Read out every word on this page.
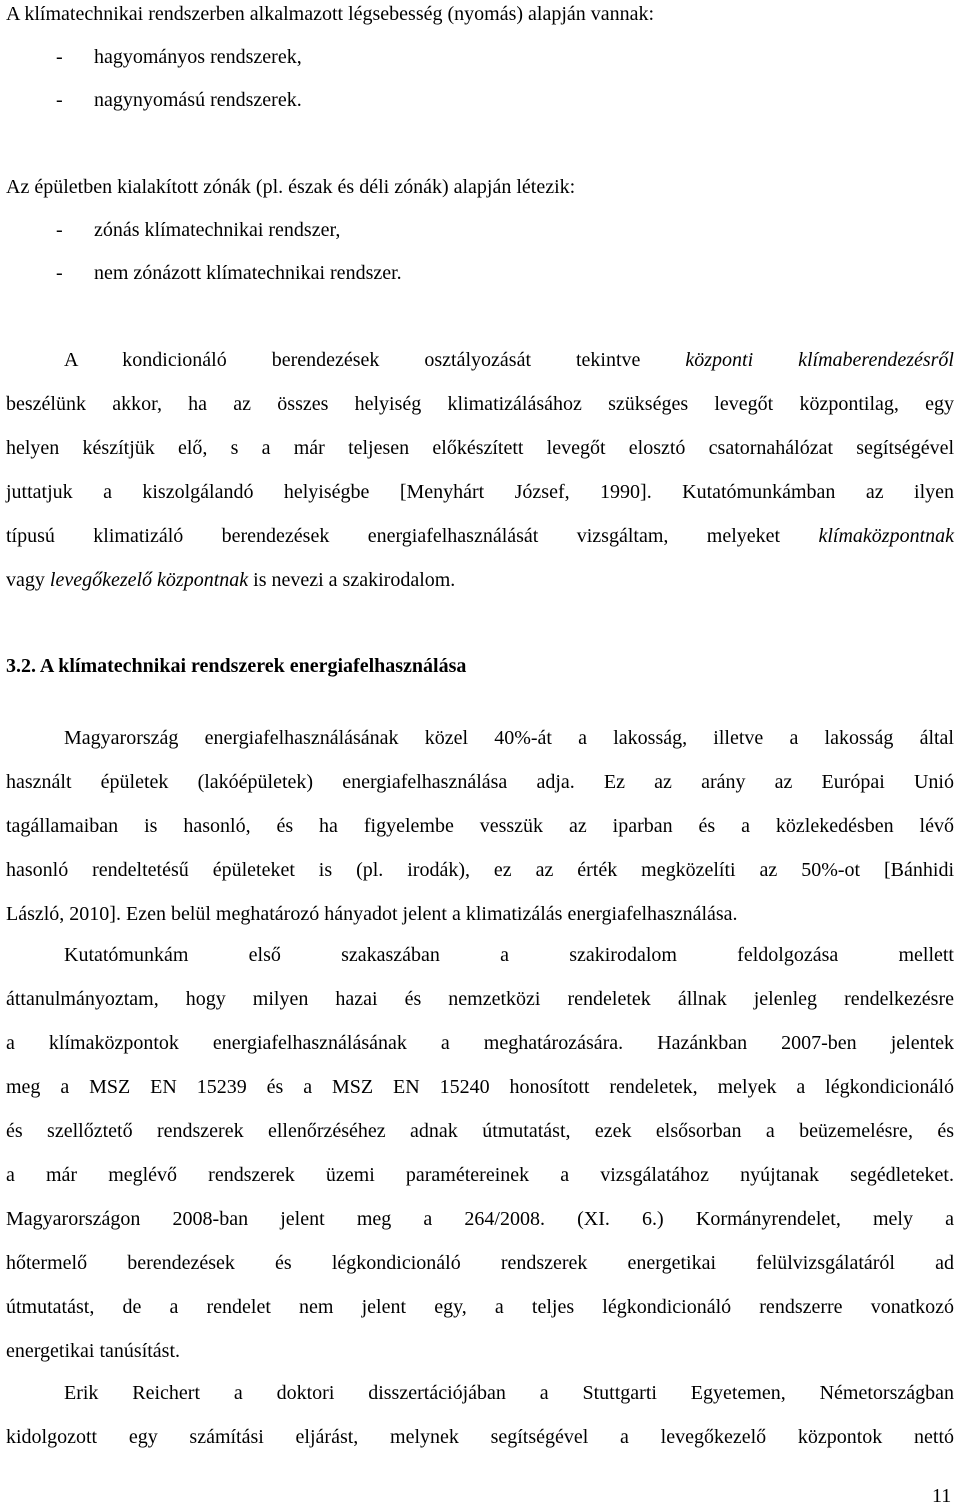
A klímatechnikai rendszerben alkalmazott légsebesség (nyomás) alapján vannak:
- hagyományos rendszerek,
- nagynyomású rendszerek.
Az épületben kialakított zónák (pl. észak és déli zónák) alapján létezik:
- zónás klímatechnikai rendszer,
- nem zónázott klímatechnikai rendszer.
A kondicionáló berendezések osztályozását tekintve központi klímaberendezésről
beszélünk akkor, ha az összes helyiség klimatizálásához szükséges levegőt központilag, egy
helyen készítjük elő, s a már teljesen előkészített levegőt elosztó csatornahálózat segítségével
juttatjuk a kiszolgálandó helyiségbe [Menyhárt József, 1990]. Kutatómunkámban az ilyen
típusú klimatizáló berendezések energiafelhasználását vizsgáltam, melyeket klímaközpontnak
vagy levegőkezelő központnak is nevezi a szakirodalom.
3.2. A klímatechnikai rendszerek energiafelhasználása
Magyarország energiafelhasználásának közel 40%-át a lakosság, illetve a lakosság által
használt épületek (lakóépületek) energiafelhasználása adja. Ez az arány az Európai Unió
tagállamaiban is hasonló, és ha figyelembe vesszük az iparban és a közlekedésben lévő
hasonló rendeltetésű épületeket is (pl. irodák), ez az érték megközelíti az 50%-ot [Bánhidi
László, 2010]. Ezen belül meghatározó hányadot jelent a klimatizálás energiafelhasználása.
Kutatómunkám első szakaszában a szakirodalom feldolgozása mellett
áttanulmányoztam, hogy milyen hazai és nemzetközi rendeletek állnak jelenleg rendelkezésre
a klímaközpontok energiafelhasználásának a meghatározására. Hazánkban 2007-ben jelentek
meg a MSZ EN 15239 és a MSZ EN 15240 honosított rendeletek, melyek a légkondicionáló
és szellőztető rendszerek ellenőrzéséhez adnak útmutatást, ezek elsősorban a beüzemelésre, és
a már meglévő rendszerek üzemi paramétereinek a vizsgálatához nyújtanak segédleteket.
Magyarországon 2008-ban jelent meg a 264/2008. (XI. 6.) Kormányrendelet, mely a
hőtermelő berendezések és légkondicionáló rendszerek energetikai felülvizsgálatáról ad
útmutatást, de a rendelet nem jelent egy, a teljes légkondicionáló rendszerre vonatkozó
energetikai tanúsítást.
Erik Reichert a doktori disszertációjában a Stuttgarti Egyetemen, Németországban
kidolgozott egy számítási eljárást, melynek segítségével a levegőkezelő központok nettó
11
